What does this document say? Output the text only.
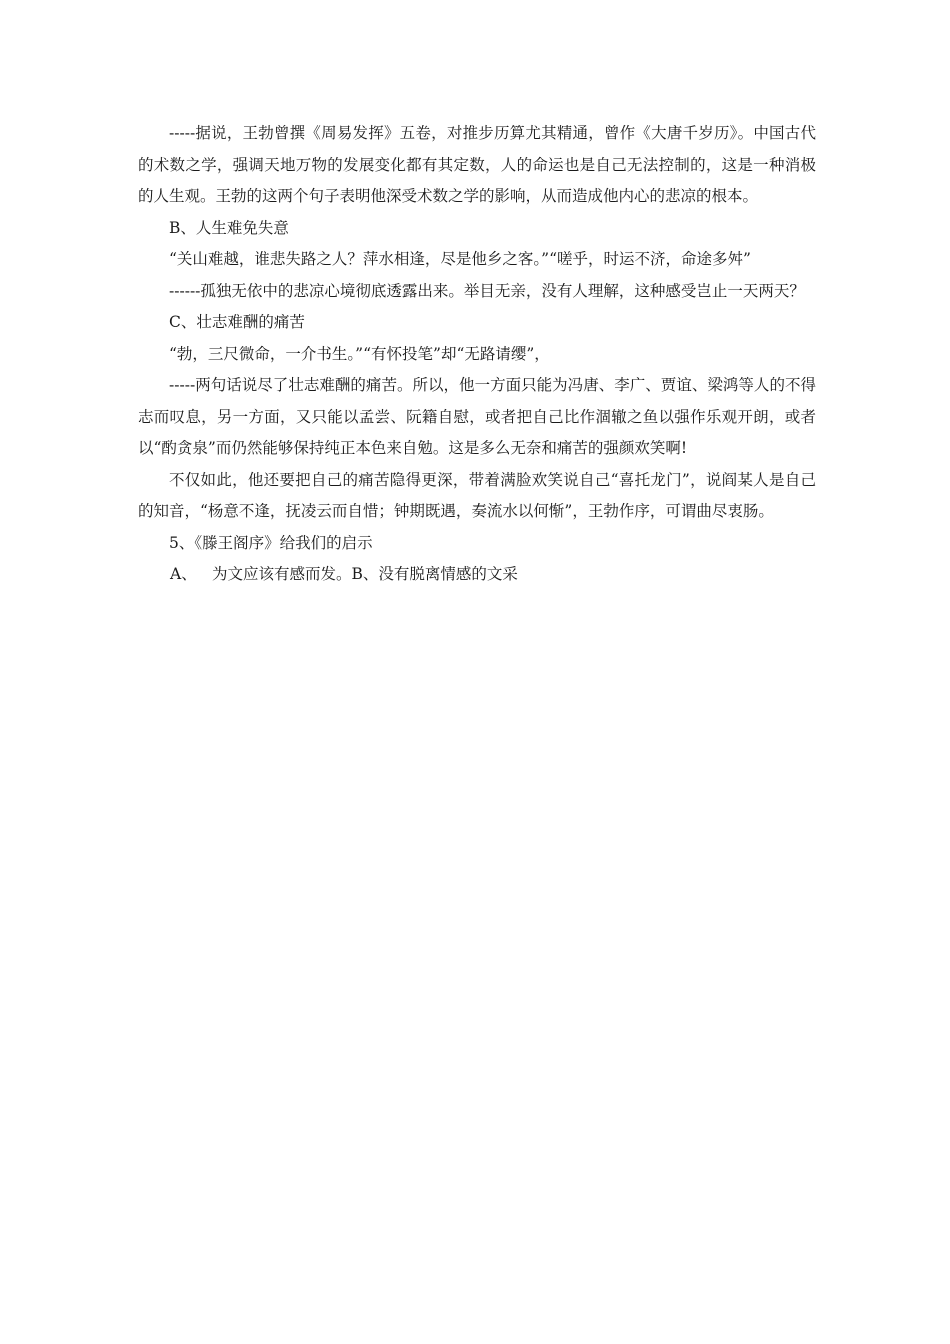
-----据说，王勃曾撰《周易发挥》五卷，对推步历算尤其精通，曾作《大唐千岁历》。中国古代的术数之学，强调天地万物的发展变化都有其定数，人的命运也是自己无法控制的，这是一种消极的人生观。王勃的这两个句子表明他深受术数之学的影响，从而造成他内心的悲凉的根本。

B、人生难免失意

“关山难越，谁悲失路之人？萍水相逢，尽是他乡之客。”“嗟乎，时运不济，命途多舛”

------孤独无依中的悲凉心境彻底透露出来。举目无亲，没有人理解，这种感受岂止一天两天？

C、壮志难酬的痛苦

“勃，三尺微命，一介书生。”“有怀投笔”却“无路请缨”，

-----两句话说尽了壮志难酬的痛苦。所以，他一方面只能为冯唐、李广、贾谊、梁鸿等人的不得志而叹息，另一方面，又只能以孟尝、阮籍自慰，或者把自己比作涸辙之鱼以强作乐观开朗，或者以“酌贪泉”而仍然能够保持纯正本色来自勉。这是多么无奈和痛苦的强颜欢笑啊!

不仅如此，他还要把自己的痛苦隐得更深，带着满脸欢笑说自己“喜托龙门”，说阎某人是自己的知音，“杨意不逢，抚凌云而自惜；钟期既遇，奏流水以何惭”，王勃作序，可谓曲尽衷肠。

5、《滕王阁序》给我们的启示

A、 为文应该有感而发。B、没有脱离情感的文采
